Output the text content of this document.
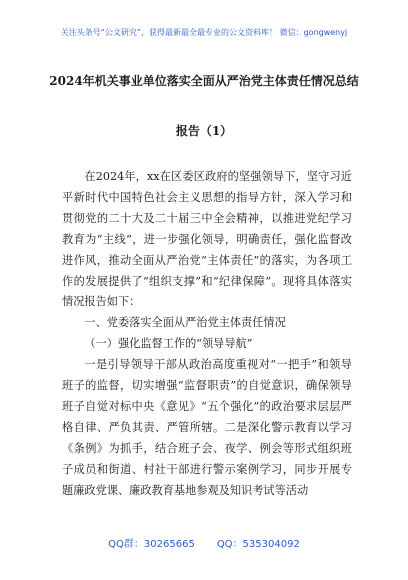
关注头条号“公文研究”，获得最新最全最专业的公文资料库！ 微信：gongwenyj
2024年机关事业单位落实全面从严治党主体责任情况总结
报告（1）

在2024年，xx在区委区政府的坚强领导下，坚守习近平新时代中国特色社会主义思想的指导方针，深入学习和贯彻党的二十大及二十届三中全会精神，以推进党纪学习教育为“主线”，进一步强化领导，明确责任，强化监督改进作风，推动全面从严治党“主体责任”的落实，为各项工作的发展提供了“组织支撑”和“纪律保障”。现将具体落实情况报告如下：

一、党委落实全面从严治党主体责任情况

（一）强化监督工作的“领导导航”

一是引导领导干部从政治高度重视对“一把手”和领导班子的监督，切实增强“监督职责”的自觉意识，确保领导班子自觉对标中央《意见》“五个强化”的政治要求层层严格自律、严负其责、严管所辖。二是深化警示教育以学习《条例》为抓手，结合班子会、夜学、例会等形式组织班子成员和街道、村社干部进行警示案例学习，同步开展专题廉政党课、廉政教育基地参观及知识考试等活动

QQ群：30265665 QQ：535304092
